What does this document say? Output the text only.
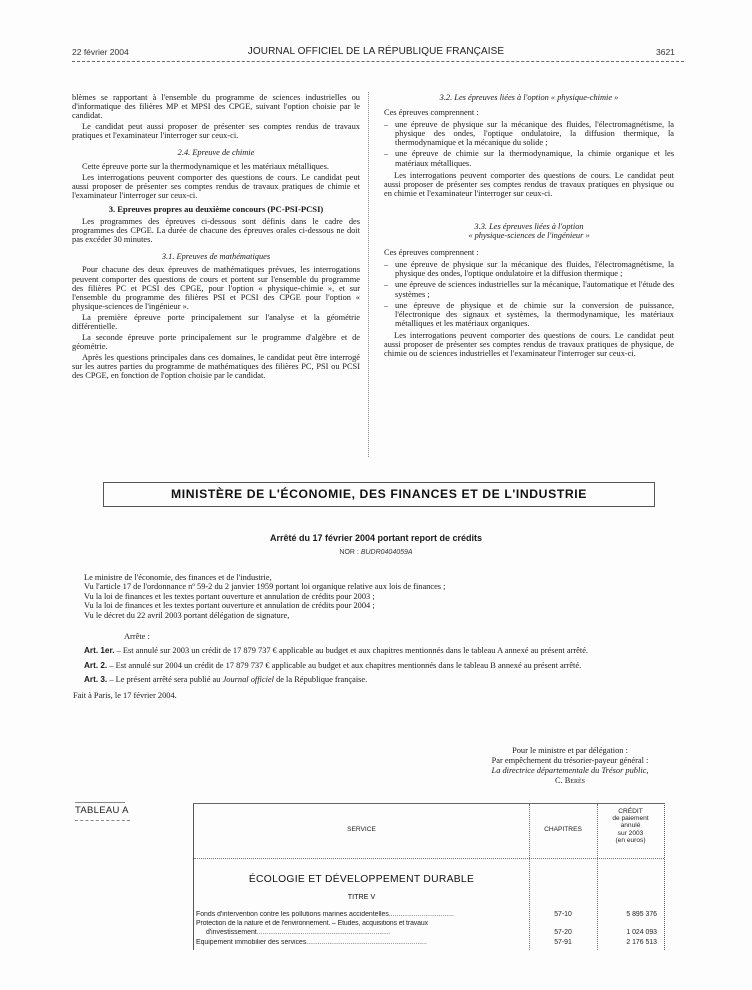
22 février 2004	JOURNAL OFFICIEL DE LA RÉPUBLIQUE FRANÇAISE	3621

blèmes se rapportant à l'ensemble du programme de sciences industrielles ou d'informatique des filières MP et MPSI des CPGE, suivant l'option choisie par le candidat.

Le candidat peut aussi proposer de présenter ses comptes rendus de travaux pratiques et l'examinateur l'interroger sur ceux-ci.

2.4. Epreuve de chimie

Cette épreuve porte sur la thermodynamique et les matériaux métalliques.

Les interrogations peuvent comporter des questions de cours. Le candidat peut aussi proposer de présenter ses comptes rendus de travaux pratiques de chimie et l'examinateur l'interroger sur ceux-ci.

3. Epreuves propres au deuxième concours (PC-PSI-PCSI)

Les programmes des épreuves ci-dessous sont définis dans le cadre des programmes des CPGE. La durée de chacune des épreuves orales ci-dessous ne doit pas excéder 30 minutes.

3.1. Epreuves de mathématiques

Pour chacune des deux épreuves de mathématiques prévues, les interrogations peuvent comporter des questions de cours et portent sur l'ensemble du programme des filières PC et PCSI des CPGE, pour l'option « physique-chimie », et sur l'ensemble du programme des filières PSI et PCSI des CPGE pour l'option « physique-sciences de l'ingénieur ».

La première épreuve porte principalement sur l'analyse et la géométrie différentielle.

La seconde épreuve porte principalement sur le programme d'algèbre et de géométrie.

Après les questions principales dans ces domaines, le candidat peut être interrogé sur les autres parties du programme de mathématiques des filières PC, PSI ou PCSI des CPGE, en fonction de l'option choisie par le candidat.

3.2. Les épreuves liées à l'option « physique-chimie »

Ces épreuves comprennent :

– une épreuve de physique sur la mécanique des fluides, l'électromagnétisme, la physique des ondes, l'optique ondulatoire, la diffusion thermique, la thermodynamique et la mécanique du solide ;
– une épreuve de chimie sur la thermodynamique, la chimie organique et les matériaux métalliques.

Les interrogations peuvent comporter des questions de cours. Le candidat peut aussi proposer de présenter ses comptes rendus de travaux pratiques en physique ou en chimie et l'examinateur l'interroger sur ceux-ci.

3.3. Les épreuves liées à l'option
« physique-sciences de l'ingénieur »

Ces épreuves comprennent :

– une épreuve de physique sur la mécanique des fluides, l'électromagnétisme, la physique des ondes, l'optique ondulatoire et la diffusion thermique ;
– une épreuve de sciences industrielles sur la mécanique, l'automatique et l'étude des systèmes ;
– une épreuve de physique et de chimie sur la conversion de puissance, l'électronique des signaux et systèmes, la thermodynamique, les matériaux métalliques et les matériaux organiques.

Les interrogations peuvent comporter des questions de cours. Le candidat peut aussi proposer de présenter ses comptes rendus de travaux pratiques de physique, de chimie ou de sciences industrielles et l'examinateur l'interroger sur ceux-ci.

MINISTÈRE DE L'ÉCONOMIE, DES FINANCES ET DE L'INDUSTRIE
Arrêté du 17 février 2004 portant report de crédits
NOR : BUDR0404059A

Le ministre de l'économie, des finances et de l'industrie,

Vu l'article 17 de l'ordonnance nº 59-2 du 2 janvier 1959 portant loi organique relative aux lois de finances ;

Vu la loi de finances et les textes portant ouverture et annulation de crédits pour 2003 ;

Vu la loi de finances et les textes portant ouverture et annulation de crédits pour 2004 ;

Vu le décret du 22 avril 2003 portant délégation de signature,

Arrête :

Art. 1er. – Est annulé sur 2003 un crédit de 17 879 737 € applicable au budget et aux chapitres mentionnés dans le tableau A annexé au présent arrêté.

Art. 2. – Est annulé sur 2004 un crédit de 17 879 737 € applicable au budget et aux chapitres mentionnés dans le tableau B annexé au présent arrêté.

Art. 3. – Le présent arrêté sera publié au Journal officiel de la République française.

Fait à Paris, le 17 février 2004.

Pour le ministre et par délégation :
Par empêchement du trésorier-payeur général :
La directrice départementale du Trésor public,
C. Berès
TABLEAU A
SERVICE	CHAPITRES
CRÉDIT
de paiement
annulé
sur 2003
(en euros)
ÉCOLOGIE ET DÉVELOPPEMENT DURABLE
TITRE V
Fonds d'intervention contre les pollutions marines accidentelles..................................	57-10	5 895 376
Protection de la nature et de l'environnement. – Etudes, acquisitions et travaux
d'investissement......................................................................	57-20	1 024 093
Equipement immobilier des services...............................................................	57-91	2 176 513
